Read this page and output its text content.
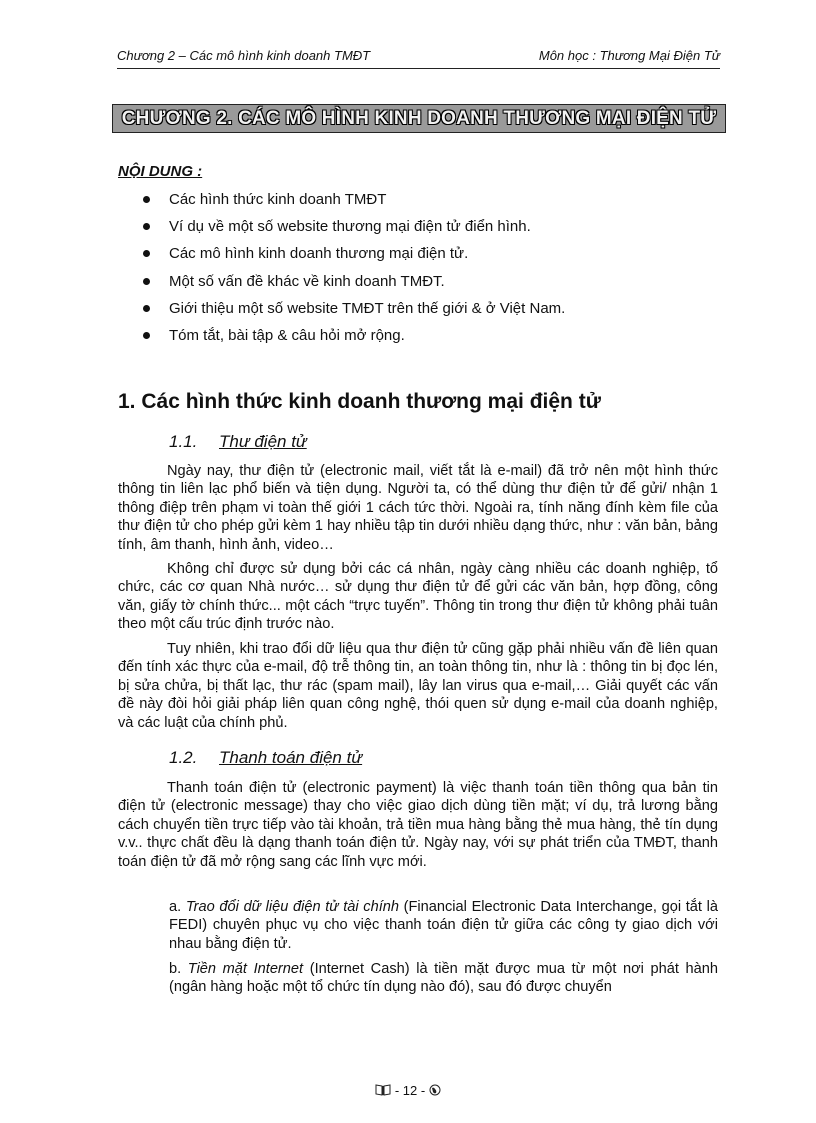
Chương 2 – Các mô hình kinh doanh TMĐT	Môn học : Thương Mại Điện Tử
CHƯƠNG 2. CÁC MÔ HÌNH KINH DOANH THƯƠNG MẠI ĐIỆN TỬ
NỘI DUNG :
Các hình thức kinh doanh TMĐT
Ví dụ về một số website thương mại điện tử điển hình.
Các mô hình kinh doanh thương mại điện tử.
Một số vấn đề khác về kinh doanh TMĐT.
Giới thiệu một số website TMĐT trên thế giới & ở Việt Nam.
Tóm tắt, bài tập & câu hỏi mở rộng.
1. Các hình thức kinh doanh thương mại điện tử
1.1. Thư điện tử

Ngày nay, thư điện tử (electronic mail, viết tắt là e-mail) đã trở nên một hình thức thông tin liên lạc phổ biến và tiện dụng. Người ta, có thể dùng thư điện tử để gửi/ nhận 1 thông điệp trên phạm vi toàn thế giới 1 cách tức thời. Ngoài ra, tính năng đính kèm file của thư điện tử cho phép gửi kèm 1 hay nhiều tập tin dưới nhiều dạng thức, như : văn bản, bảng tính, âm thanh, hình ảnh, video…

Không chỉ được sử dụng bởi các cá nhân, ngày càng nhiều các doanh nghiệp, tổ chức, các cơ quan Nhà nước… sử dụng thư điện tử để gửi các văn bản, hợp đồng, công văn, giấy tờ chính thức... một cách “trực tuyến”. Thông tin trong thư điện tử không phải tuân theo một cấu trúc định trước nào.

Tuy nhiên, khi trao đổi dữ liệu qua thư điện tử cũng gặp phải nhiều vấn đề liên quan đến tính xác thực của e-mail, độ trễ thông tin, an toàn thông tin, như là : thông tin bị đọc lén, bị sửa chửa, bị thất lạc, thư rác (spam mail), lây lan virus qua e-mail,… Giải quyết các vấn đề này đòi hỏi giải pháp liên quan công nghệ, thói quen sử dụng e-mail của doanh nghiệp, và các luật của chính phủ.

1.2. Thanh toán điện tử

Thanh toán điện tử (electronic payment) là việc thanh toán tiền thông qua bản tin điện tử (electronic message) thay cho việc giao dịch dùng tiền mặt; ví dụ, trả lương bằng cách chuyển tiền trực tiếp vào tài khoản, trả tiền mua hàng bằng thẻ mua hàng, thẻ tín dụng v.v.. thực chất đều là dạng thanh toán điện tử. Ngày nay, với sự phát triển của TMĐT, thanh toán điện tử đã mở rộng sang các lĩnh vực mới.

a. Trao đổi dữ liệu điện tử tài chính (Financial Electronic Data Interchange, gọi tắt là FEDI) chuyên phục vụ cho việc thanh toán điện tử giữa các công ty giao dịch với nhau bằng điện tử.

b. Tiền mặt Internet (Internet Cash) là tiền mặt được mua từ một nơi phát hành (ngân hàng hoặc một tổ chức tín dụng nào đó), sau đó được chuyển

- 12 -
